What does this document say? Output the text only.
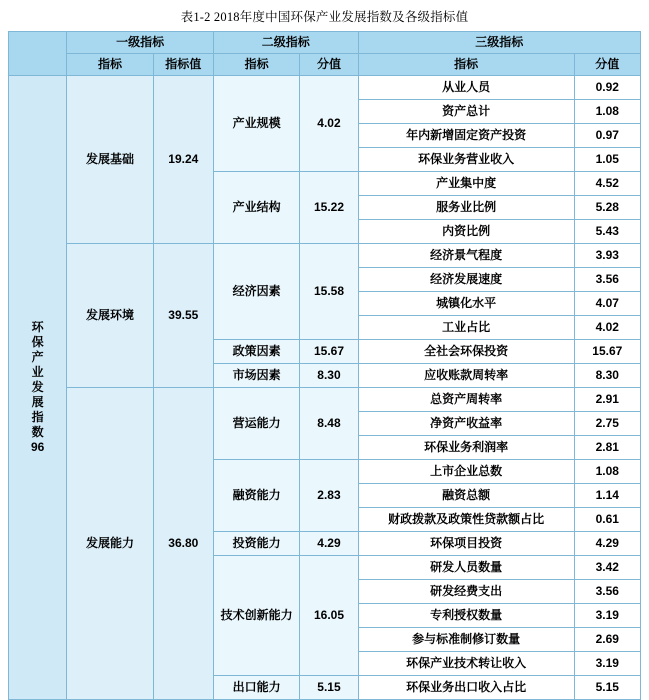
表1-2 2018年度中国环保产业发展指数及各级指标值
	一级指标		二级指标		三级指标	
	指标	指标值	指标	分值	指标	分值
环
保
产
业
发
展
指
数
96	发展基础	19.24	产业规模	4.02	从业人员	0.92
					资产总计	1.08
					年内新增固定资产投资	0.97
					环保业务营业收入	1.05
			产业结构	15.22	产业集中度	4.52
					服务业比例	5.28
					内资比例	5.43
	发展环境	39.55	经济因素	15.58	经济景气程度	3.93
					经济发展速度	3.56
					城镇化水平	4.07
					工业占比	4.02
			政策因素	15.67	全社会环保投资	15.67
			市场因素	8.30	应收账款周转率	8.30
	发展能力	36.80	营运能力	8.48	总资产周转率	2.91
					净资产收益率	2.75
					环保业务利润率	2.81
			融资能力	2.83	上市企业总数	1.08
					融资总额	1.14
					财政拨款及政策性贷款额占比	0.61
			投资能力	4.29	环保项目投资	4.29
			技术创新能力	16.05	研发人员数量	3.42
					研发经费支出	3.56
					专利授权数量	3.19
					参与标准制修订数量	2.69
					环保产业技术转让收入	3.19
			出口能力	5.15	环保业务出口收入占比	5.15
